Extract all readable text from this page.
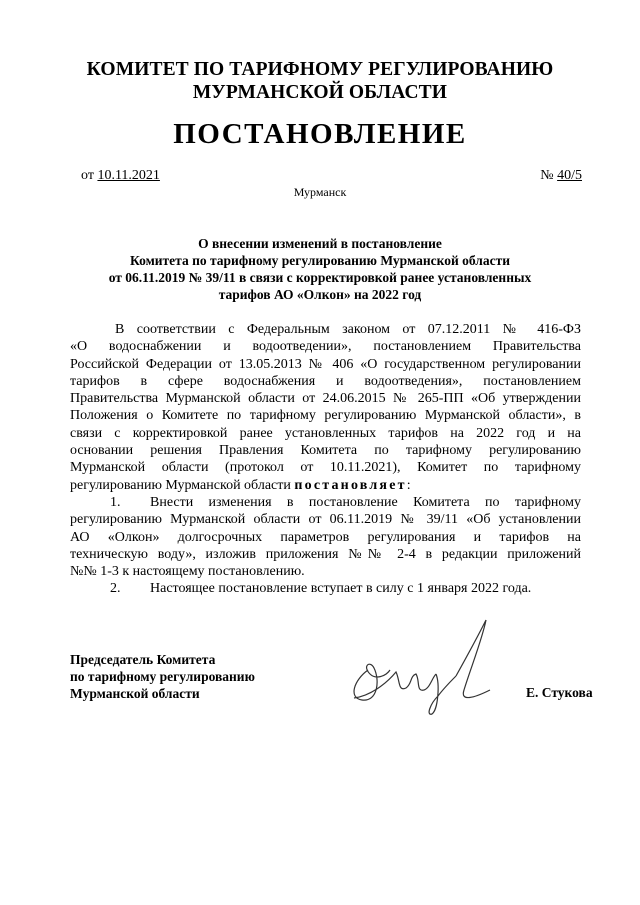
КОМИТЕТ ПО ТАРИФНОМУ РЕГУЛИРОВАНИЮ
МУРМАНСКОЙ ОБЛАСТИ
ПОСТАНОВЛЕНИЕ
от 10.11.2021	№ 40/5
Мурманск
О внесении изменений в постановление
Комитета по тарифному регулированию Мурманской области
от 06.11.2019 № 39/11 в связи с корректировкой ранее установленных
тарифов АО «Олкон» на 2022 год
В соответствии с Федеральным законом от 07.12.2011 № 416-ФЗ
«О водоснабжении и водоотведении», постановлением Правительства
Российской Федерации от 13.05.2013 № 406 «О государственном регулировании
тарифов в сфере водоснабжения и водоотведения», постановлением
Правительства Мурманской области от 24.06.2015 № 265-ПП «Об утверждении
Положения о Комитете по тарифному регулированию Мурманской области», в
связи с корректировкой ранее установленных тарифов на 2022 год и на
основании решения Правления Комитета по тарифному регулированию
Мурманской области (протокол от 10.11.2021), Комитет по тарифному
регулированию Мурманской области постановляет:
1. Внести изменения в постановление Комитета по тарифному
регулированию Мурманской области от 06.11.2019 № 39/11 «Об установлении
АО «Олкон» долгосрочных параметров регулирования и тарифов на
техническую воду», изложив приложения №№ 2-4 в редакции приложений
№№ 1-3 к настоящему постановлению.
2. Настоящее постановление вступает в силу с 1 января 2022 года.
Председатель Комитета
по тарифному регулированию
Мурманской области	Е. Стукова
